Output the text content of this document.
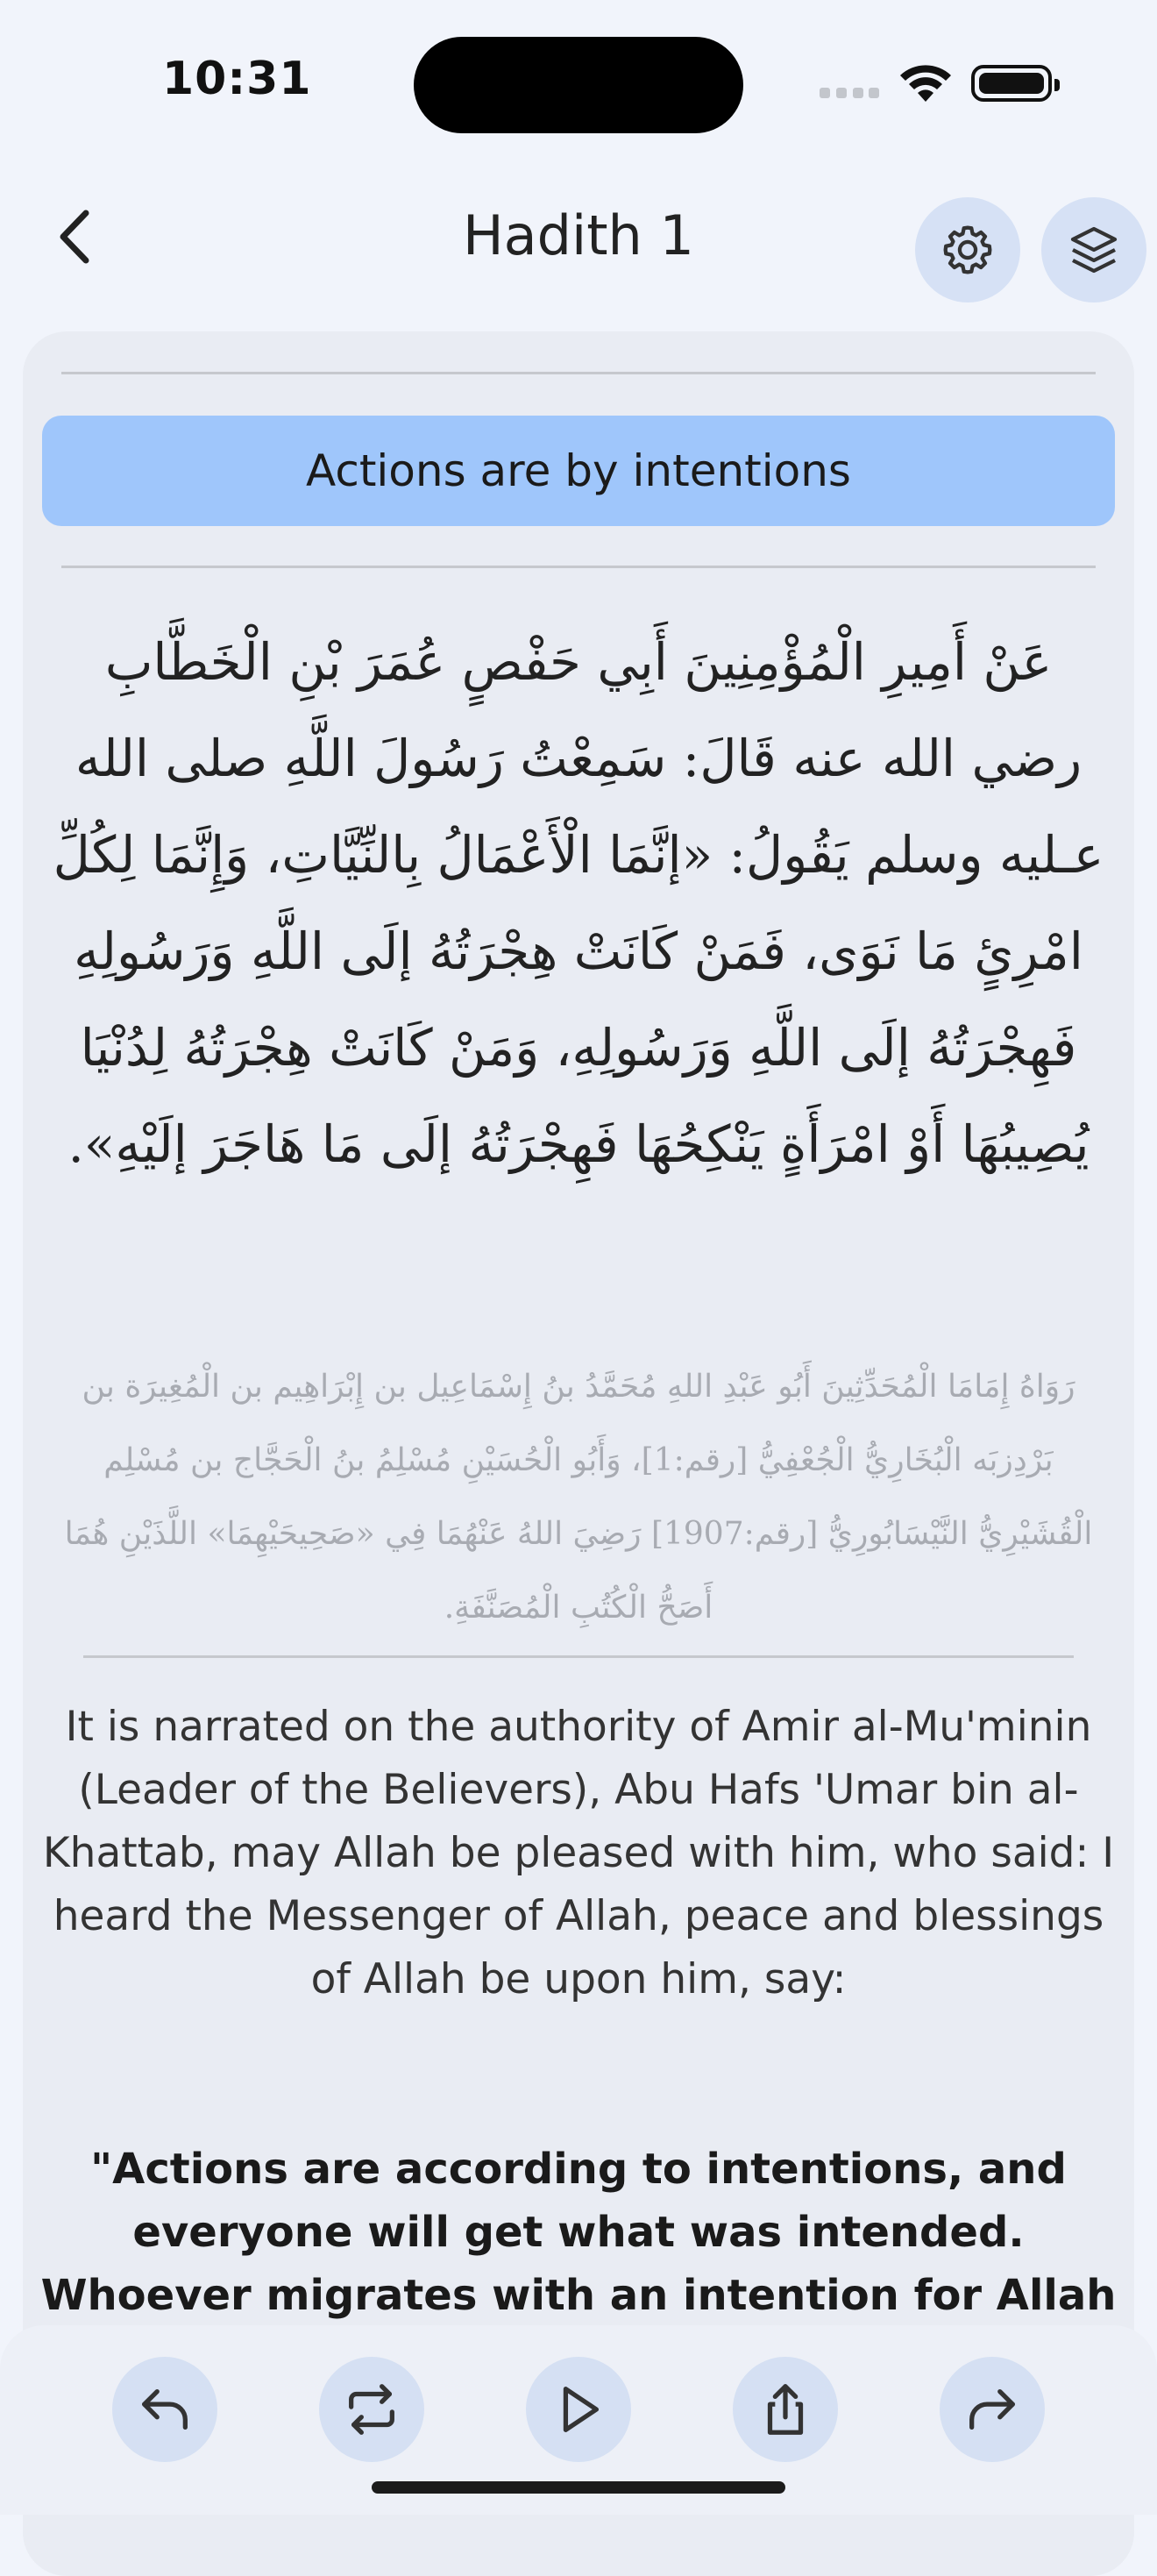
10:31
Hadith 1
Actions are by intentions
عَنْ أَمِيرِ الْمُؤْمِنِينَ أَبِي حَفْصٍ عُمَرَ بْنِ الْخَطَّابِ رضي الله عنه قَالَ: سَمِعْتُ رَسُولَ اللَّهِ صلى الله عـليه وسلم يَقُولُ: «إنَّمَا الْأَعْمَالُ بِالنِّيَّاتِ، وَإِنَّمَا لِكُلِّ امْرِئٍ مَا نَوَى، فَمَنْ كَانَتْ هِجْرَتُهُ إلَى اللَّهِ وَرَسُولِهِ فَهِجْرَتُهُ إلَى اللَّهِ وَرَسُولِهِ، وَمَنْ كَانَتْ هِجْرَتُهُ لِدُنْيَا يُصِيبُهَا أَوْ امْرَأَةٍ يَنْكِحُهَا فَهِجْرَتُهُ إلَى مَا هَاجَرَ إلَيْهِ».
رَوَاهُ إِمَامَا الْمُحَدِّثِينَ أَبُو عَبْدِ اللهِ مُحَمَّدُ بنُ إِسْمَاعِيل بن إِبْرَاهِيم بن الْمُغِيرَة بن بَرْدِزبَه الْبُخَارِيُّ الْجُعْفِيُّ [رقم:1]، وَأَبُو الْحُسَيْنِ مُسْلِمُ بنُ الْحَجَّاج بن مُسْلِم الْقُشَيْرِيُّ النَّيْسَابُورِيُّ [رقم:1907] رَضِيَ اللهُ عَنْهُمَا فِي «صَحِيحَيْهِمَا» اللَّذَيْنِ هُمَا أَصَحُّ الْكُتُبِ الْمُصَنَّفَةِ.
It is narrated on the authority of Amir al-Mu'minin (Leader of the Believers), Abu Hafs 'Umar bin al-Khattab, may Allah be pleased with him, who said: I heard the Messenger of Allah, peace and blessings of Allah be upon him, say:
"Actions are according to intentions, and everyone will get what was intended. Whoever migrates with an intention for Allah
